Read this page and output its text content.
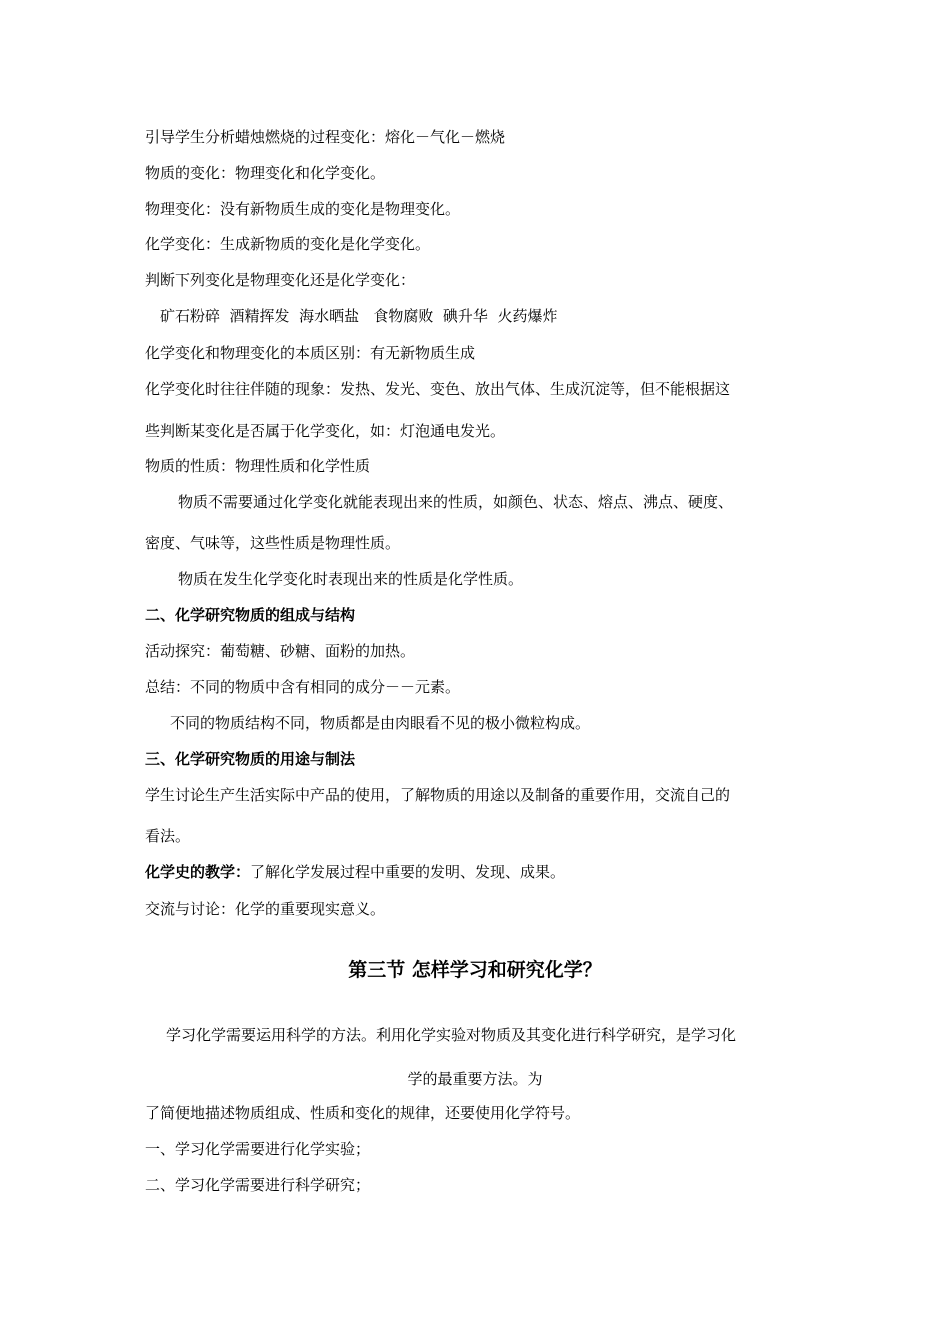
引导学生分析蜡烛燃烧的过程变化：熔化－气化－燃烧

物质的变化：物理变化和化学变化。

物理变化：没有新物质生成的变化是物理变化。

化学变化：生成新物质的变化是化学变化。

判断下列变化是物理变化还是化学变化：

矿石粉碎  酒精挥发  海水晒盐   食物腐败  碘升华  火药爆炸

化学变化和物理变化的本质区别：有无新物质生成

化学变化时往往伴随的现象：发热、发光、变色、放出气体、生成沉淀等，但不能根据这

些判断某变化是否属于化学变化，如：灯泡通电发光。

物质的性质：物理性质和化学性质

物质不需要通过化学变化就能表现出来的性质，如颜色、状态、熔点、沸点、硬度、

密度、气味等，这些性质是物理性质。

物质在发生化学变化时表现出来的性质是化学性质。

二、化学研究物质的组成与结构

活动探究：葡萄糖、砂糖、面粉的加热。

总结：不同的物质中含有相同的成分－－元素。

不同的物质结构不同，物质都是由肉眼看不见的极小微粒构成。

三、化学研究物质的用途与制法

学生讨论生产生活实际中产品的使用，了解物质的用途以及制备的重要作用，交流自己的

看法。

化学史的教学：了解化学发展过程中重要的发明、发现、成果。

交流与讨论：化学的重要现实意义。

第三节 怎样学习和研究化学？

学习化学需要运用科学的方法。利用化学实验对物质及其变化进行科学研究，是学习化

学的最重要方法。为

了简便地描述物质组成、性质和变化的规律，还要使用化学符号。

一、学习化学需要进行化学实验；

二、学习化学需要进行科学研究；
